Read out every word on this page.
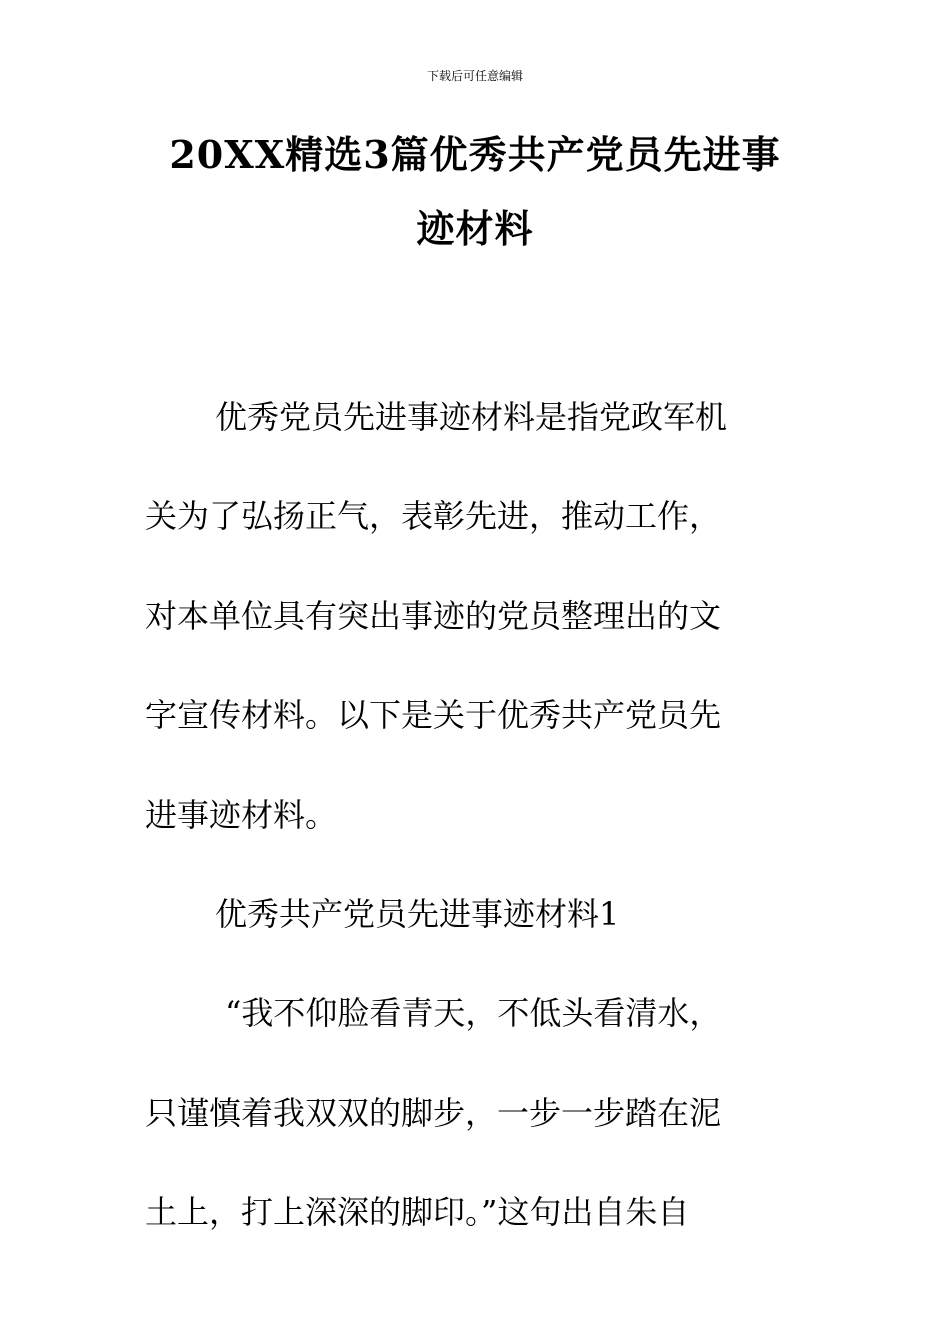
下载后可任意编辑
20XX精选3篇优秀共产党员先进事
迹材料

优秀党员先进事迹材料是指党政军机
关为了弘扬正气，表彰先进，推动工作，
对本单位具有突出事迹的党员整理出的文
字宣传材料。以下是关于优秀共产党员先
进事迹材料。

优秀共产党员先进事迹材料1

“我不仰脸看青天，不低头看清水，
只谨慎着我双双的脚步，一步一步踏在泥
土上，打上深深的脚印。”这句出自朱自
